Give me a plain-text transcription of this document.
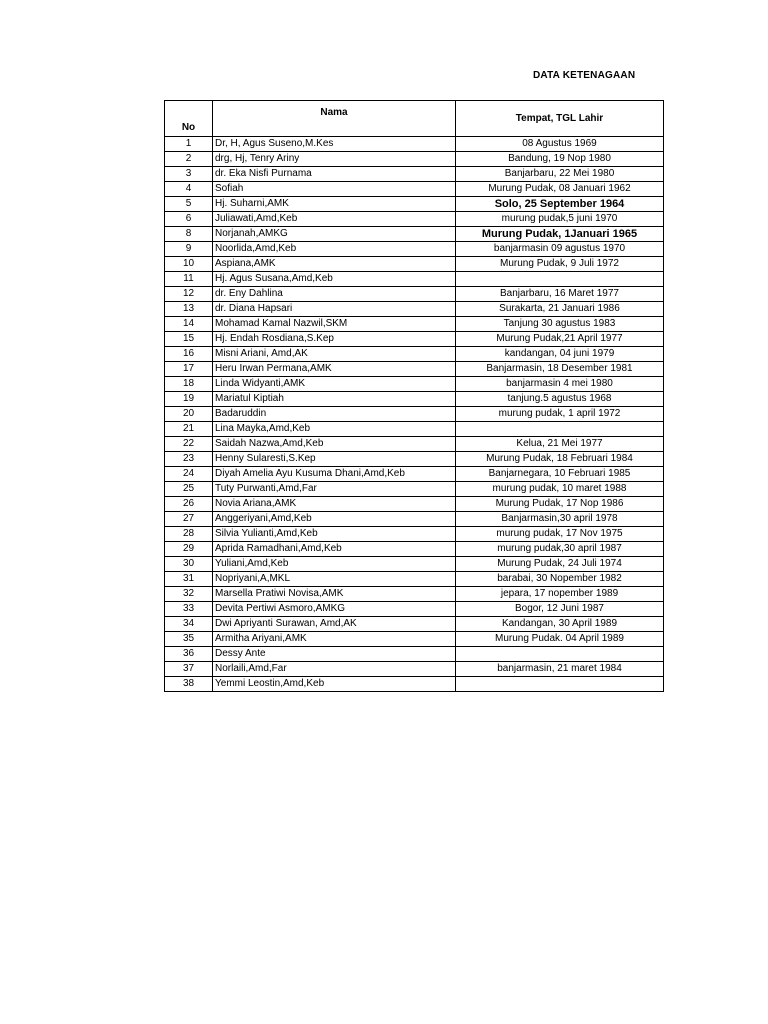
DATA KETENAGAAN
No	Nama	Tempat, TGL Lahir
1	Dr, H, Agus Suseno,M.Kes	08 Agustus 1969
2	drg, Hj, Tenry Ariny	Bandung, 19 Nop 1980
3	dr. Eka Nisfi Purnama	Banjarbaru, 22 Mei 1980
4	Sofiah	Murung Pudak, 08 Januari 1962
5	Hj. Suharni,AMK	Solo, 25 September 1964
6	Juliawati,Amd,Keb	murung pudak,5 juni 1970
8	Norjanah,AMKG	Murung Pudak, 1Januari 1965
9	Noorlida,Amd,Keb	banjarmasin 09 agustus 1970
10	Aspiana,AMK	Murung Pudak, 9 Juli 1972
11	Hj. Agus Susana,Amd,Keb	
12	dr. Eny Dahlina	Banjarbaru, 16 Maret 1977
13	dr. Diana Hapsari	Surakarta, 21 Januari 1986
14	Mohamad Kamal Nazwil,SKM	Tanjung 30 agustus 1983
15	Hj. Endah Rosdiana,S.Kep	Murung Pudak,21 April 1977
16	Misni Ariani, Amd,AK	kandangan, 04 juni 1979
17	Heru Irwan Permana,AMK	Banjarmasin, 18 Desember 1981
18	Linda Widyanti,AMK	banjarmasin 4 mei 1980
19	Mariatul Kiptiah	tanjung.5 agustus 1968
20	Badaruddin	murung pudak, 1 april 1972
21	Lina Mayka,Amd,Keb	
22	Saidah Nazwa,Amd,Keb	Kelua, 21 Mei 1977
23	Henny Sularesti,S.Kep	Murung Pudak, 18 Februari 1984
24	Diyah Amelia Ayu Kusuma Dhani,Amd,Keb	Banjarnegara, 10 Februari 1985
25	Tuty Purwanti,Amd,Far	murung pudak, 10 maret 1988
26	Novia Ariana,AMK	Murung Pudak, 17 Nop 1986
27	Anggeriyani,Amd,Keb	Banjarmasin,30 april 1978
28	Silvia Yulianti,Amd,Keb	murung pudak, 17 Nov 1975
29	Aprida Ramadhani,Amd,Keb	murung pudak,30 april 1987
30	Yuliani,Amd,Keb	Murung Pudak, 24 Juli 1974
31	Nopriyani,A,MKL	barabai, 30 Nopember 1982
32	Marsella Pratiwi Novisa,AMK	jepara, 17 nopember 1989
33	Devita Pertiwi Asmoro,AMKG	Bogor, 12 Juni 1987
34	Dwi Apriyanti Surawan, Amd,AK	Kandangan, 30 April 1989
35	Armitha Ariyani,AMK	Murung Pudak. 04 April 1989
36	Dessy Ante	
37	Norlaili,Amd,Far	banjarmasin, 21 maret 1984
38	Yemmi Leostin,Amd,Keb	
